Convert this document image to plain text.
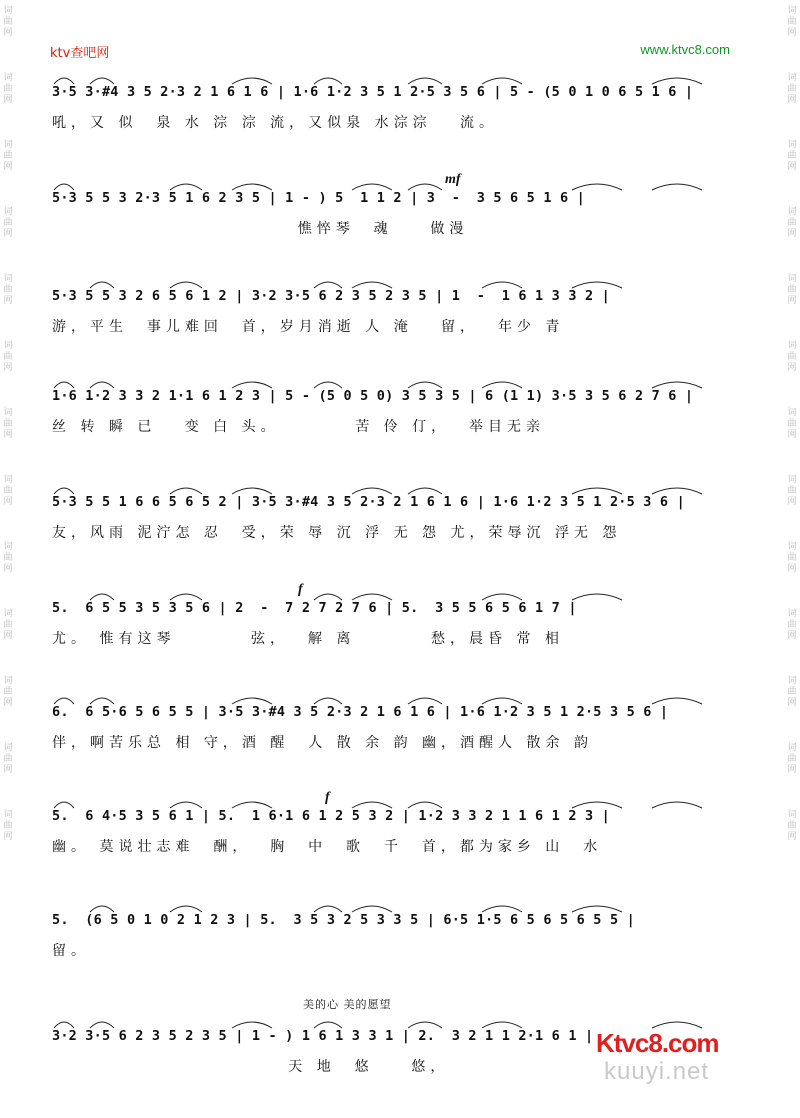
词曲网
词曲网
词曲网
词曲网
词曲网
词曲网
词曲网
词曲网
词曲网
词曲网
词曲网
词曲网
词曲网
词曲网
词曲网
词曲网
词曲网
词曲网
词曲网
词曲网
词曲网
词曲网
词曲网
词曲网
词曲网
词曲网
ktv查吧网	www.ktvc8.com
3·5 3·#4 3 5 2·3 2 1 6 1 6 | 1·6 1·2 3 5 1 2·5 3 5 6 | 5 - (5 0 1 0 6 5 1 6 |
吼，又 似  泉 水 淙 淙 流，又似泉 水淙淙   流。
mf
5·3 5 5 3 2·3 5 1 6 2 3 5 | 1 - ) 5  1 1 2 | 3  -  3 5 6 5 1 6 |
憔悴琴  魂    做漫
5·3 5 5 3 2 6 5 6 1 2 | 3·2 3·5 6 2 3 5 2 3 5 | 1  -  1 6 1 3 3 2 |
游，平生  事儿难回  首，岁月消逝 人 淹   留，  年少 青
1·6 1·2 3 3 2 1·1 6 1 2 3 | 5 - (5 0 5 0) 3 5 3 5 | 6 (1 1) 3·5 3 5 6 2 7 6 |
丝 转 瞬 已   变 白 头。        苦 伶 仃，  举目无亲
5·3 5 5 1 6 6 5 6 5 2 | 3·5 3·#4 3 5 2·3 2 1 6 1 6 | 1·6 1·2 3 5 1 2·5 3 6 |
友，风雨 泥泞怎 忍  受，荣 辱 沉 浮 无 怨 尤，荣辱沉 浮无 怨
f
5.  6 5 5 3 5 3 5 6 | 2  -  7 2 7 2 7 6 | 5.  3 5 5 6 5 6 1 7 |
尤。 惟有这琴        弦，  解 离        愁，晨昏 常 相
6.  6 5·6 5 6 5 5 | 3·5 3·#4 3 5 2·3 2 1 6 1 6 | 1·6 1·2 3 5 1 2·5 3 5 6 |
伴，啊苦乐总 相 守，酒 醒  人 散 余 韵 幽，酒醒人 散余 韵
f
5.  6 4·5 3 5 6 1 | 5.  1 6·1 6 1 2 5 3 2 | 1·2 3 3 2 1 1 6 1 2 3 |
幽。 莫说壮志难  酬，  胸  中  歌  千  首，都为家乡 山  水
5.  (6 5 0 1 0 2 1 2 3 | 5.  3 5 3 2 5 3 3 5 | 6·5 1·5 6 5 6 5 6 5 5 |
留。
美的心 美的愿望
3·2 3·5 6 2 3 5 2 3 5 | 1 - ) 1 6 1 3 3 1 | 2.  3 2 1 1 2·1 6 1 |
天 地  悠    悠，
Ktvc8.com
kuuyi.net
